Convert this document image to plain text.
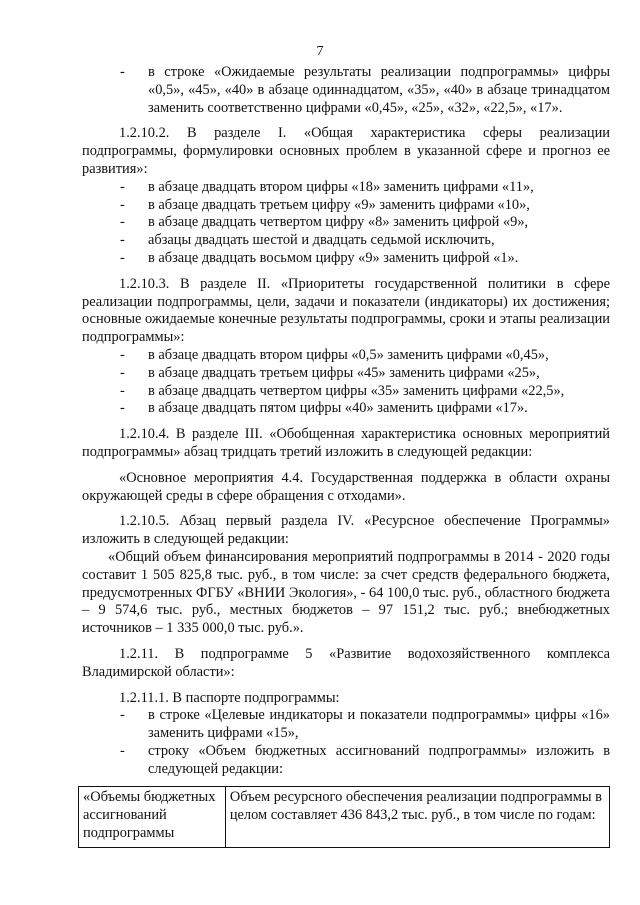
7

- в строке «Ожидаемые результаты реализации подпрограммы» цифры «0,5», «45», «40» в абзаце одиннадцатом, «35», «40» в абзаце тринадцатом заменить соответственно цифрами «0,45», «25», «32», «22,5», «17».

1.2.10.2. В разделе I. «Общая характеристика сферы реализации подпрограммы, формулировки основных проблем в указанной сфере и прогноз ее развития»:

- в абзаце двадцать втором цифры «18» заменить цифрами «11»,

- в абзаце двадцать третьем цифру «9» заменить цифрами «10»,

- в абзаце двадцать четвертом цифру «8» заменить цифрой «9»,

- абзацы двадцать шестой и двадцать седьмой исключить,

- в абзаце двадцать восьмом цифру «9» заменить цифрой «1».

1.2.10.3. В разделе II. «Приоритеты государственной политики в сфере реализации подпрограммы, цели, задачи и показатели (индикаторы) их достижения; основные ожидаемые конечные результаты подпрограммы, сроки и этапы реализации подпрограммы»:

- в абзаце двадцать втором цифры «0,5» заменить цифрами «0,45»,

- в абзаце двадцать третьем цифры «45» заменить цифрами «25»,

- в абзаце двадцать четвертом цифры «35» заменить цифрами «22,5»,

- в абзаце двадцать пятом цифры «40» заменить цифрами «17».

1.2.10.4. В разделе III. «Обобщенная характеристика основных мероприятий подпрограммы» абзац тридцать третий изложить в следующей редакции:

«Основное мероприятия 4.4. Государственная поддержка в области охраны окружающей среды в сфере обращения с отходами».

1.2.10.5. Абзац первый раздела IV. «Ресурсное обеспечение Программы» изложить в следующей редакции:

«Общий объем финансирования мероприятий подпрограммы в 2014 - 2020 годы составит 1 505 825,8 тыс. руб., в том числе: за счет средств федерального бюджета, предусмотренных ФГБУ «ВНИИ Экология», - 64 100,0 тыс. руб., областного бюджета – 9 574,6 тыс. руб., местных бюджетов – 97 151,2 тыс. руб.; внебюджетных источников – 1 335 000,0 тыс. руб.».

1.2.11. В подпрограмме 5 «Развитие водохозяйственного комплекса Владимирской области»:

1.2.11.1. В паспорте подпрограммы:

- в строке «Целевые индикаторы и показатели подпрограммы» цифры «16» заменить цифрами «15»,

- строку «Объем бюджетных ассигнований подпрограммы» изложить в следующей редакции:

«Объемы бюджетных ассигнований подпрограммы	Объем ресурсного обеспечения реализации подпрограммы в целом составляет 436 843,2 тыс. руб., в том числе по годам:
